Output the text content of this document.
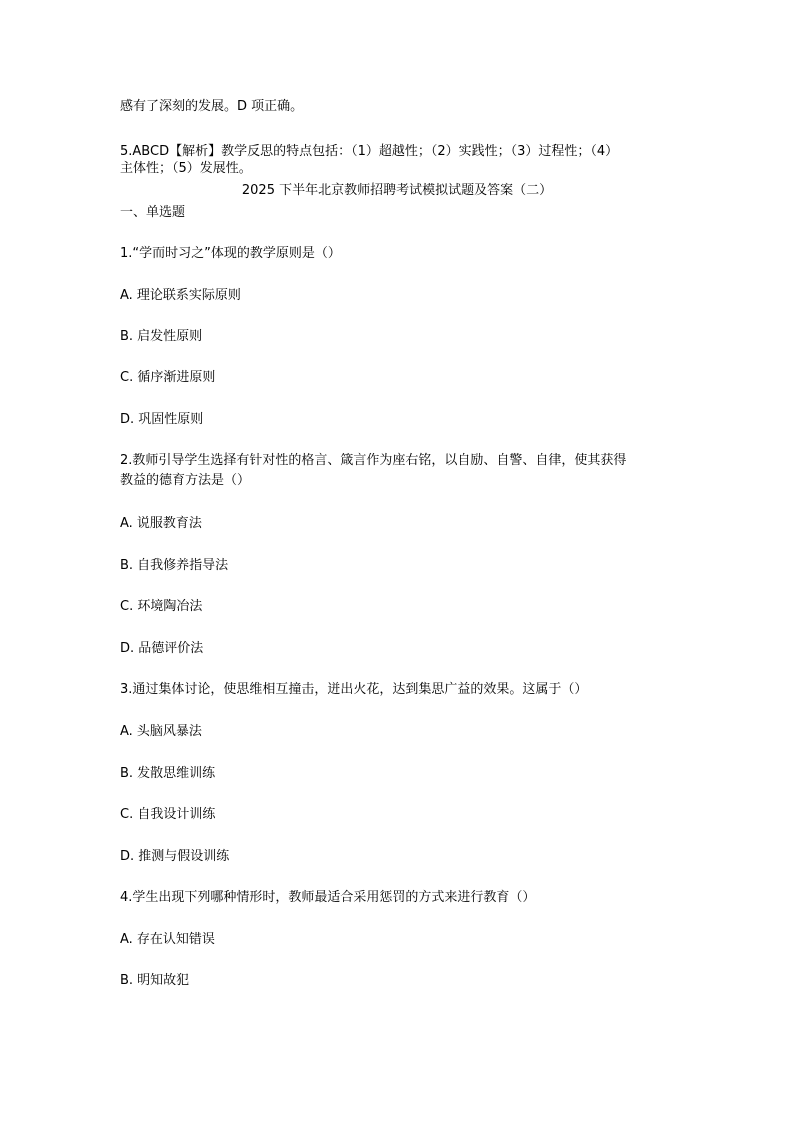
感有了深刻的发展。D 项正确。
5.ABCD【解析】教学反思的特点包括：（1）超越性；（2）实践性；（3）过程性；（4）
主体性；（5）发展性。
2025 下半年北京教师招聘考试模拟试题及答案（二）
一、单选题
1.“学而时习之”体现的教学原则是（）
A. 理论联系实际原则
B. 启发性原则
C. 循序渐进原则
D. 巩固性原则
2.教师引导学生选择有针对性的格言、箴言作为座右铭，以自励、自警、自律，使其获得
教益的德育方法是（）
A. 说服教育法
B. 自我修养指导法
C. 环境陶冶法
D. 品德评价法
3.通过集体讨论，使思维相互撞击，迸出火花，达到集思广益的效果。这属于（）
A. 头脑风暴法
B. 发散思维训练
C. 自我设计训练
D. 推测与假设训练
4.学生出现下列哪种情形时，教师最适合采用惩罚的方式来进行教育（）
A. 存在认知错误
B. 明知故犯
